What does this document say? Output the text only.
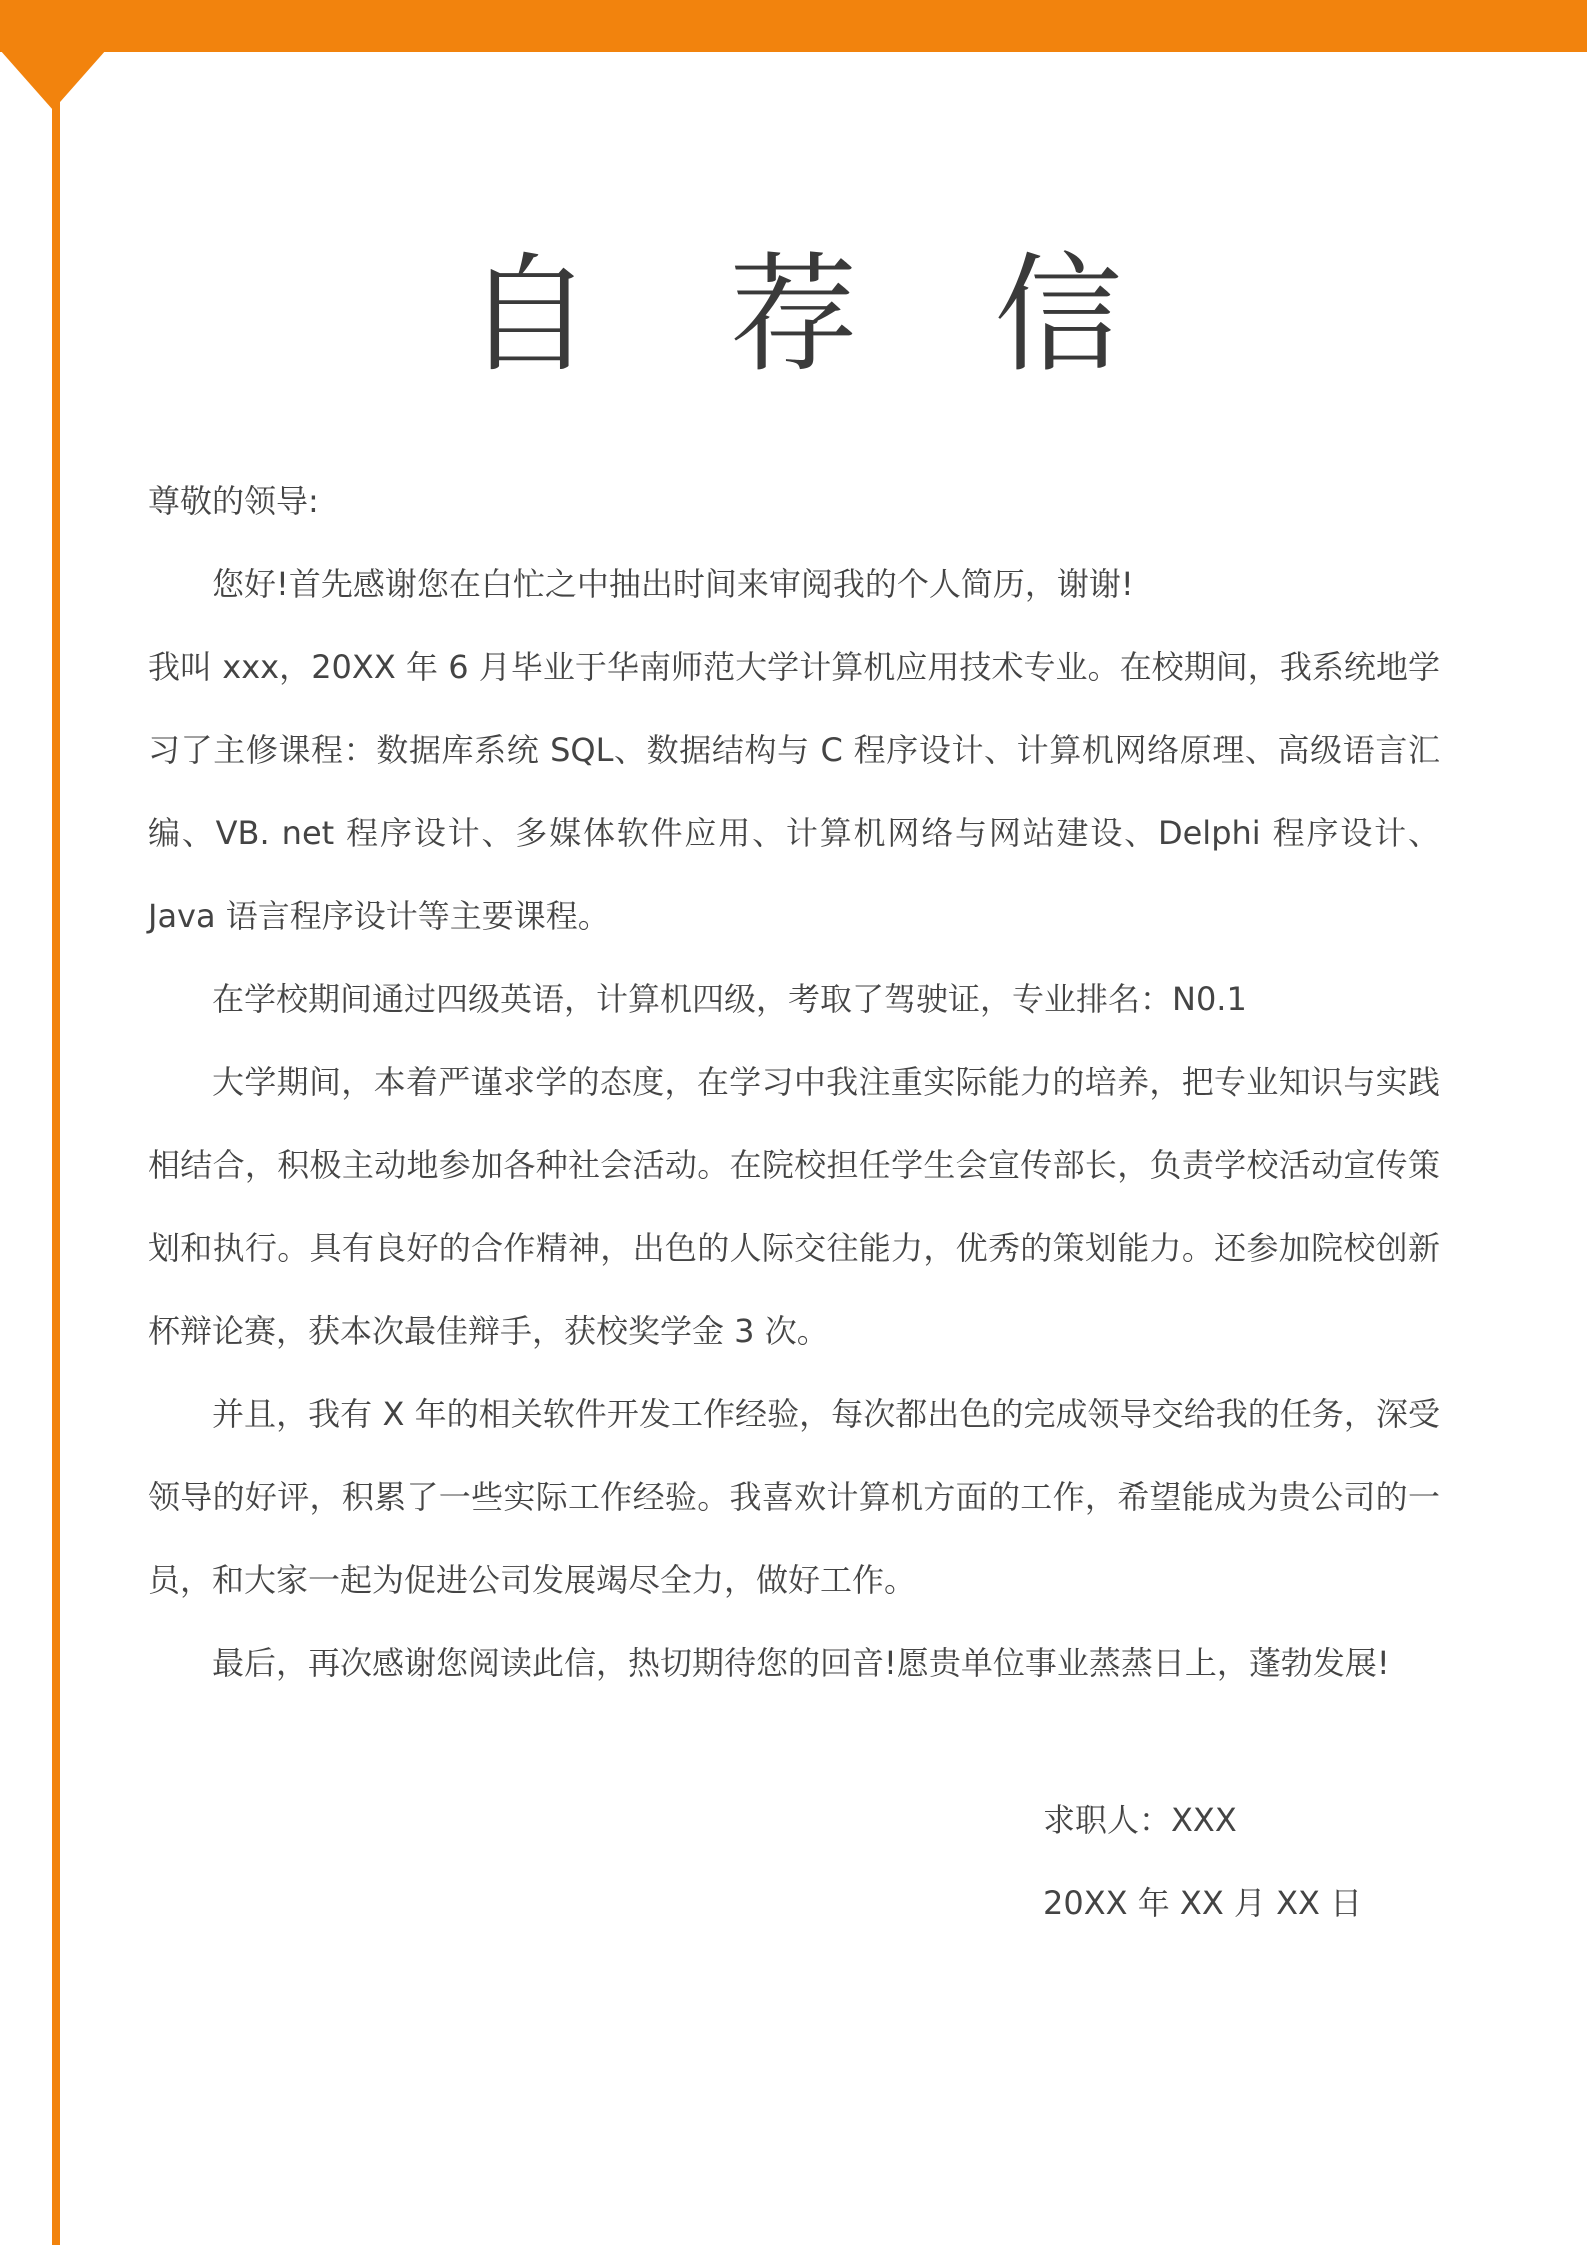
自 荐 信

尊敬的领导:

您好!首先感谢您在白忙之中抽出时间来审阅我的个人简历，谢谢!

我叫 xxx，20XX 年 6 月毕业于华南师范大学计算机应用技术专业。在校期间，我系统地学习了主修课程：数据库系统 SQL、数据结构与 C 程序设计、计算机网络原理、高级语言汇编、VB. net 程序设计、多媒体软件应用、计算机网络与网站建设、Delphi 程序设计、Java 语言程序设计等主要课程。

在学校期间通过四级英语，计算机四级，考取了驾驶证，专业排名：N0.1

大学期间，本着严谨求学的态度，在学习中我注重实际能力的培养，把专业知识与实践相结合，积极主动地参加各种社会活动。在院校担任学生会宣传部长，负责学校活动宣传策划和执行。具有良好的合作精神，出色的人际交往能力，优秀的策划能力。还参加院校创新杯辩论赛，获本次最佳辩手，获校奖学金 3 次。

并且，我有 X 年的相关软件开发工作经验，每次都出色的完成领导交给我的任务，深受领导的好评，积累了一些实际工作经验。我喜欢计算机方面的工作，希望能成为贵公司的一员，和大家一起为促进公司发展竭尽全力，做好工作。

最后，再次感谢您阅读此信，热切期待您的回音!愿贵单位事业蒸蒸日上，蓬勃发展!

求职人：XXX

20XX 年 XX 月 XX 日
